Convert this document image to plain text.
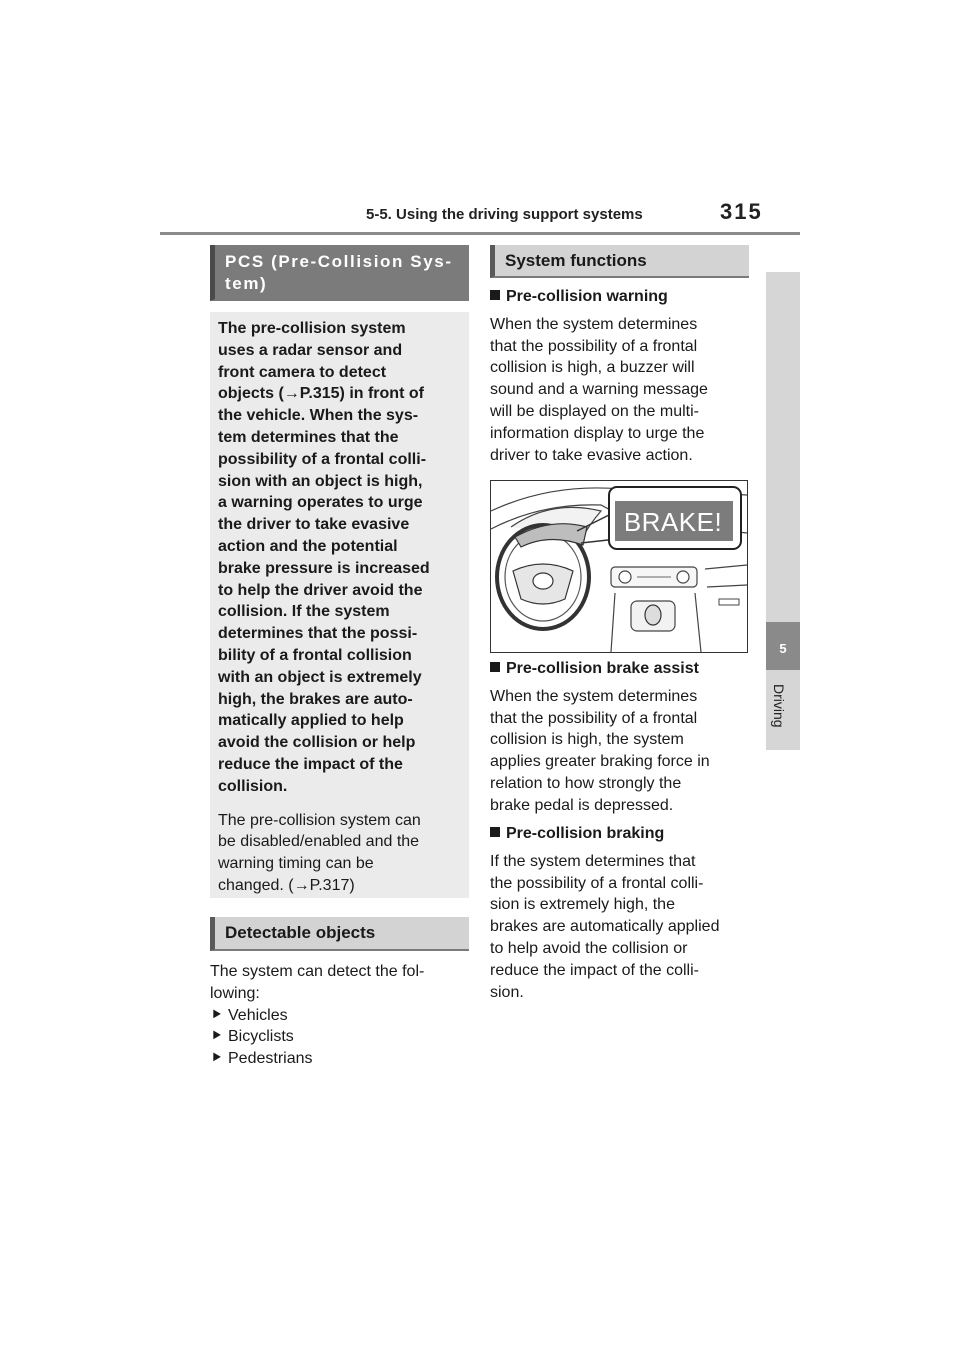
5-5. Using the driving support systems	315
5
Driving
PCS (Pre-Collision Sys-
tem)
The pre-collision system
uses a radar sensor and
front camera to detect
objects (→P.315) in front of
the vehicle. When the sys-
tem determines that the
possibility of a frontal colli-
sion with an object is high,
a warning operates to urge
the driver to take evasive
action and the potential
brake pressure is increased
to help the driver avoid the
collision. If the system
determines that the possi-
bility of a frontal collision
with an object is extremely
high, the brakes are auto-
matically applied to help
avoid the collision or help
reduce the impact of the
collision.
The pre-collision system can
be disabled/enabled and the
warning timing can be
changed. (→P.317)
Detectable objects

The system can detect the fol-

lowing:

⯈ Vehicles

⯈ Bicyclists

⯈ Pedestrians

System functions

Pre-collision warning

When the system determines

that the possibility of a frontal

collision is high, a buzzer will

sound and a warning message

will be displayed on the multi-

information display to urge the

driver to take evasive action.

BRAKE!

Pre-collision brake assist

When the system determines

that the possibility of a frontal

collision is high, the system

applies greater braking force in

relation to how strongly the

brake pedal is depressed.

Pre-collision braking

If the system determines that

the possibility of a frontal colli-

sion is extremely high, the

brakes are automatically applied

to help avoid the collision or

reduce the impact of the colli-

sion.
